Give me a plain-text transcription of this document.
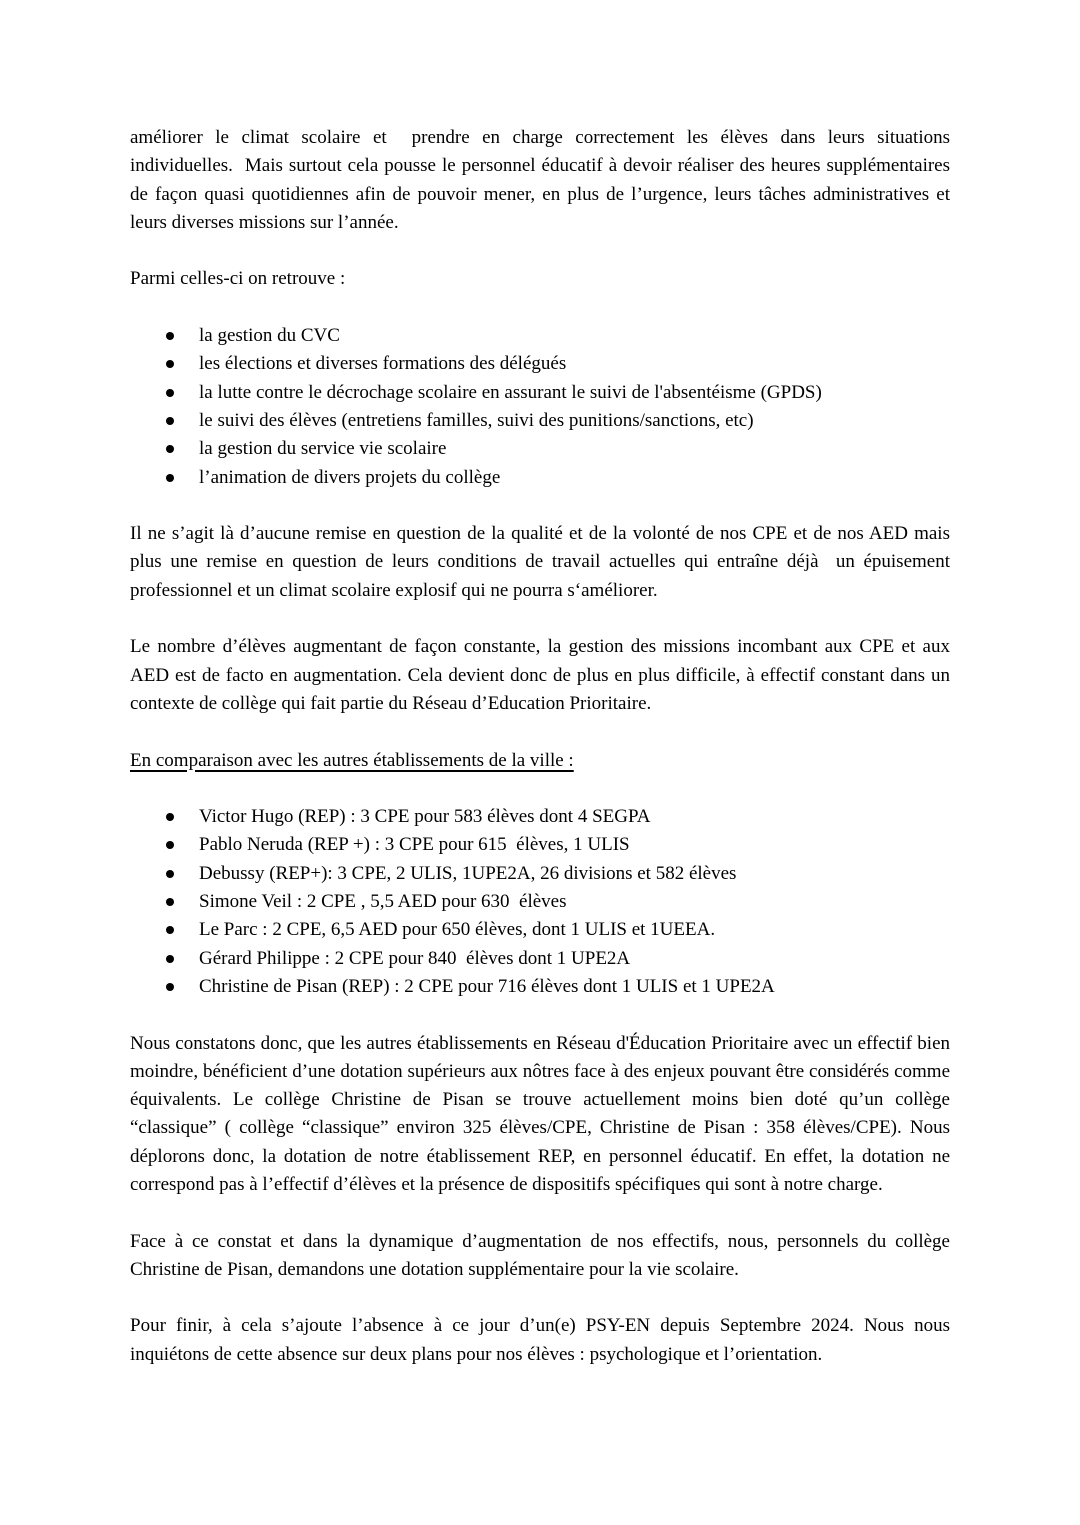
améliorer le climat scolaire et  prendre en charge correctement les élèves dans leurs situations individuelles.  Mais surtout cela pousse le personnel éducatif à devoir réaliser des heures supplémentaires de façon quasi quotidiennes afin de pouvoir mener, en plus de l’urgence, leurs tâches administratives et leurs diverses missions sur l’année.

Parmi celles-ci on retrouve :

la gestion du CVC
les élections et diverses formations des délégués
la lutte contre le décrochage scolaire en assurant le suivi de l'absentéisme (GPDS)
le suivi des élèves (entretiens familles, suivi des punitions/sanctions, etc)
la gestion du service vie scolaire
l’animation de divers projets du collège

Il ne s’agit là d’aucune remise en question de la qualité et de la volonté de nos CPE et de nos AED mais plus une remise en question de leurs conditions de travail actuelles qui entraîne déjà  un épuisement professionnel et un climat scolaire explosif qui ne pourra s‘améliorer.

Le nombre d’élèves augmentant de façon constante, la gestion des missions incombant aux CPE et aux AED est de facto en augmentation. Cela devient donc de plus en plus difficile, à effectif constant dans un contexte de collège qui fait partie du Réseau d’Education Prioritaire.

En comparaison avec les autres établissements de la ville :

Victor Hugo (REP) : 3 CPE pour 583 élèves dont 4 SEGPA
Pablo Neruda (REP +) : 3 CPE pour 615  élèves, 1 ULIS
Debussy (REP+): 3 CPE, 2 ULIS, 1UPE2A, 26 divisions et 582 élèves
Simone Veil : 2 CPE , 5,5 AED pour 630  élèves
Le Parc : 2 CPE, 6,5 AED pour 650 élèves, dont 1 ULIS et 1UEEA.
Gérard Philippe : 2 CPE pour 840  élèves dont 1 UPE2A
Christine de Pisan (REP) : 2 CPE pour 716 élèves dont 1 ULIS et 1 UPE2A

Nous constatons donc, que les autres établissements en Réseau d'Éducation Prioritaire avec un effectif bien moindre, bénéficient d’une dotation supérieurs aux nôtres face à des enjeux pouvant être considérés comme équivalents. Le collège Christine de Pisan se trouve actuellement moins bien doté qu’un collège “classique” ( collège “classique” environ 325 élèves/CPE, Christine de Pisan : 358 élèves/CPE). Nous déplorons donc, la dotation de notre établissement REP, en personnel éducatif. En effet, la dotation ne correspond pas à l’effectif d’élèves et la présence de dispositifs spécifiques qui sont à notre charge.

Face à ce constat et dans la dynamique d’augmentation de nos effectifs, nous, personnels du collège Christine de Pisan, demandons une dotation supplémentaire pour la vie scolaire.

Pour finir, à cela s’ajoute l’absence à ce jour d’un(e) PSY-EN depuis Septembre 2024. Nous nous inquiétons de cette absence sur deux plans pour nos élèves : psychologique et l’orientation.
